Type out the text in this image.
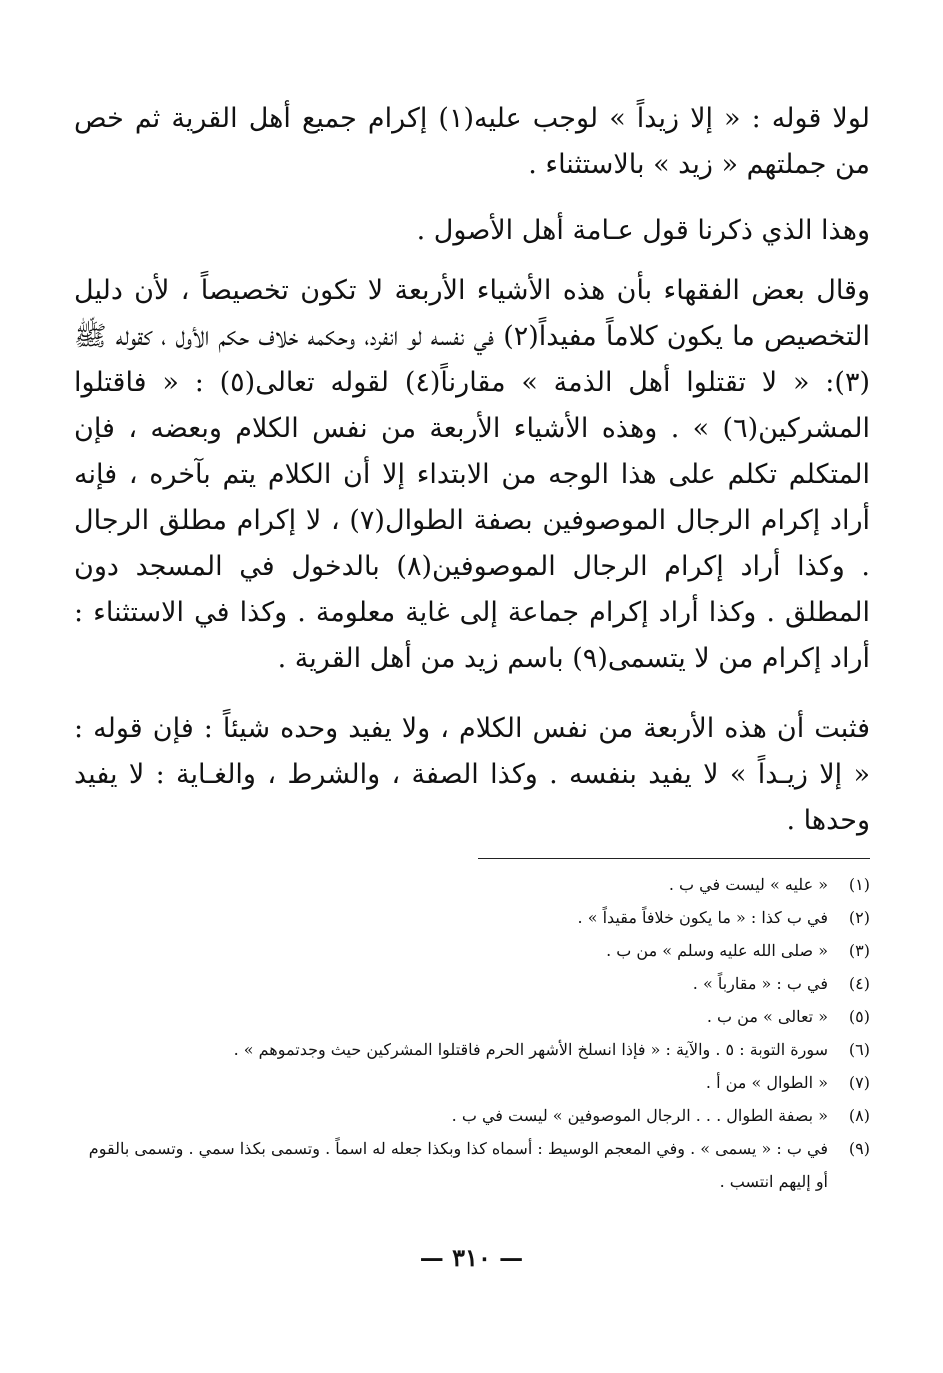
لولا قوله : « إلا زيداً » لوجب عليه(١) إكرام جميع أهل القرية ثم خص من جملتهم « زيد » بالاستثناء .

وهذا الذي ذكرنا قول عـامة أهل الأصول .

وقال بعض الفقهاء بأن هذه الأشياء الأربعة لا تكون تخصيصاً ، لأن دليل التخصيص ما يكون كلاماً مفيداً(٢) في نفسه لو انفرد، وحكمه خلاف حكم الأول ، كقوله ﷺ (٣): « لا تقتلوا أهل الذمة » مقارناً(٤) لقوله تعالى(٥) : « فاقتلوا المشركين(٦) » . وهذه الأشياء الأربعة من نفس الكلام وبعضه ، فإن المتكلم تكلم على هذا الوجه من الابتداء إلا أن الكلام يتم بآخره ، فإنه أراد إكرام الرجال الموصوفين بصفة الطوال(٧) ، لا إكرام مطلق الرجال . وكذا أراد إكرام الرجال الموصوفين(٨) بالدخول في المسجد دون المطلق . وكذا أراد إكرام جماعة إلى غاية معلومة . وكذا في الاستثناء : أراد إكرام من لا يتسمى(٩) باسم زيد من أهل القرية .

فثبت أن هذه الأربعة من نفس الكلام ، ولا يفيد وحده شيئاً : فإن قوله : « إلا زيـداً » لا يفيد بنفسه . وكذا الصفة ، والشرط ، والغـاية : لا يفيد وحدها .

(١)
« عليه » ليست في ب .
(٢)
في ب كذا : « ما يكون خلافاً مقيداً » .
(٣)
« صلى الله عليه وسلم » من ب .
(٤)
في ب : « مقارباً » .
(٥)
« تعالى » من ب .
(٦)
سورة التوبة : ٥ . والآية : « فإذا انسلخ الأشهر الحرم فاقتلوا المشركين حيث وجدتموهم » .
(٧)
« الطوال » من أ .
(٨)
« بصفة الطوال . . . الرجال الموصوفين » ليست في ب .
(٩)
في ب : « يسمى » . وفي المعجم الوسيط : أسماه كذا وبكذا جعله له اسماً . وتسمى بكذا سمي . وتسمى بالقوم أو إليهم انتسب .
— ٣١٠ —
